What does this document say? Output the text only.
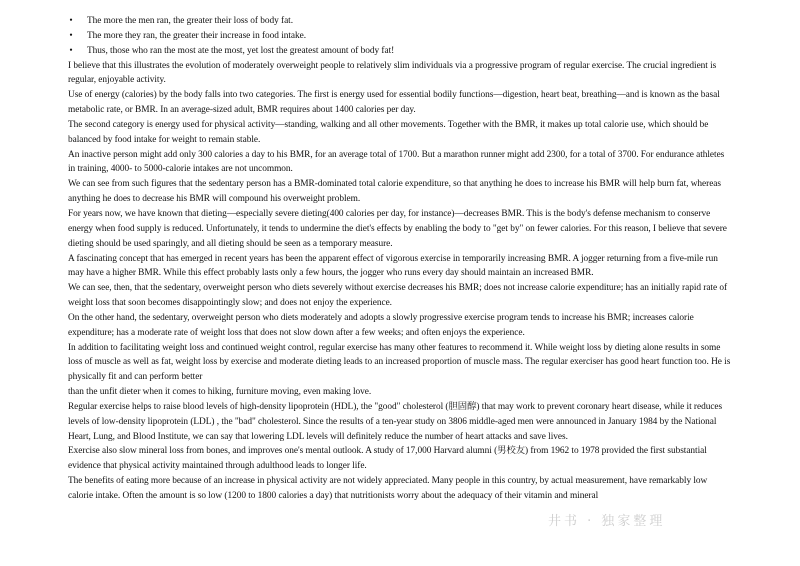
• The more the men ran, the greater their loss of body fat.
• The more they ran, the greater their increase in food intake.
• Thus, those who ran the most ate the most, yet lost the greatest amount of body fat!

I believe that this illustrates the evolution of moderately overweight people to relatively slim individuals via a progressive program of regular exercise. The crucial ingredient is regular, enjoyable activity.

Use of energy (calories) by the body falls into two categories. The first is energy used for essential bodily functions—digestion, heart beat, breathing—and is known as the basal metabolic rate, or BMR. In an average-sized adult, BMR requires about 1400 calories per day.

The second category is energy used for physical activity—standing, walking and all other movements. Together with the BMR, it makes up total calorie use, which should be balanced by food intake for weight to remain stable.

An inactive person might add only 300 calories a day to his BMR, for an average total of 1700. But a marathon runner might add 2300, for a total of 3700. For endurance athletes in training, 4000- to 5000-calorie intakes are not uncommon.

We can see from such figures that the sedentary person has a BMR-dominated total calorie expenditure, so that anything he does to increase his BMR will help burn fat, whereas anything he does to decrease his BMR will compound his overweight problem.

For years now, we have known that dieting—especially severe dieting(400 calories per day, for instance)—decreases BMR. This is the body's defense mechanism to conserve energy when food supply is reduced. Unfortunately, it tends to undermine the diet's effects by enabling the body to "get by" on fewer calories. For this reason, I believe that severe dieting should be used sparingly, and all dieting should be seen as a temporary measure.

A fascinating concept that has emerged in recent years has been the apparent effect of vigorous exercise in temporarily increasing BMR. A jogger returning from a five-mile run may have a higher BMR. While this effect probably lasts only a few hours, the jogger who runs every day should maintain an increased BMR.

We can see, then, that the sedentary, overweight person who diets severely without exercise decreases his BMR; does not increase calorie expenditure; has an initially rapid rate of weight loss that soon becomes disappointingly slow; and does not enjoy the experience.

On the other hand, the sedentary, overweight person who diets moderately and adopts a slowly progressive exercise program tends to increase his BMR; increases calorie expenditure; has a moderate rate of weight loss that does not slow down after a few weeks; and often enjoys the experience.

In addition to facilitating weight loss and continued weight control, regular exercise has many other features to recommend it. While weight loss by dieting alone results in some loss of muscle as well as fat, weight loss by exercise and moderate dieting leads to an increased proportion of muscle mass. The regular exerciser has good heart function too. He is physically fit and can perform better

than the unfit dieter when it comes to hiking, furniture moving, even making love.

Regular exercise helps to raise blood levels of high-density lipoprotein (HDL), the "good" cholesterol (胆固醇) that may work to prevent coronary heart disease, while it reduces levels of low-density lipoprotein (LDL) , the "bad" cholesterol. Since the results of a ten-year study on 3806 middle-aged men were announced in January 1984 by the National Heart, Lung, and Blood Institute, we can say that lowering LDL levels will definitely reduce the number of heart attacks and save lives.

Exercise also slow mineral loss from bones, and improves one's mental outlook. A study of 17,000 Harvard alumni (男校友) from 1962 to 1978 provided the first substantial evidence that physical activity maintained through adulthood leads to longer life.

The benefits of eating more because of an increase in physical activity are not widely appreciated. Many people in this country, by actual measurement, have remarkably low calorie intake. Often the amount is so low (1200 to 1800 calories a day) that nutritionists worry about the adequacy of their vitamin and mineral

井书 · 独家整理
